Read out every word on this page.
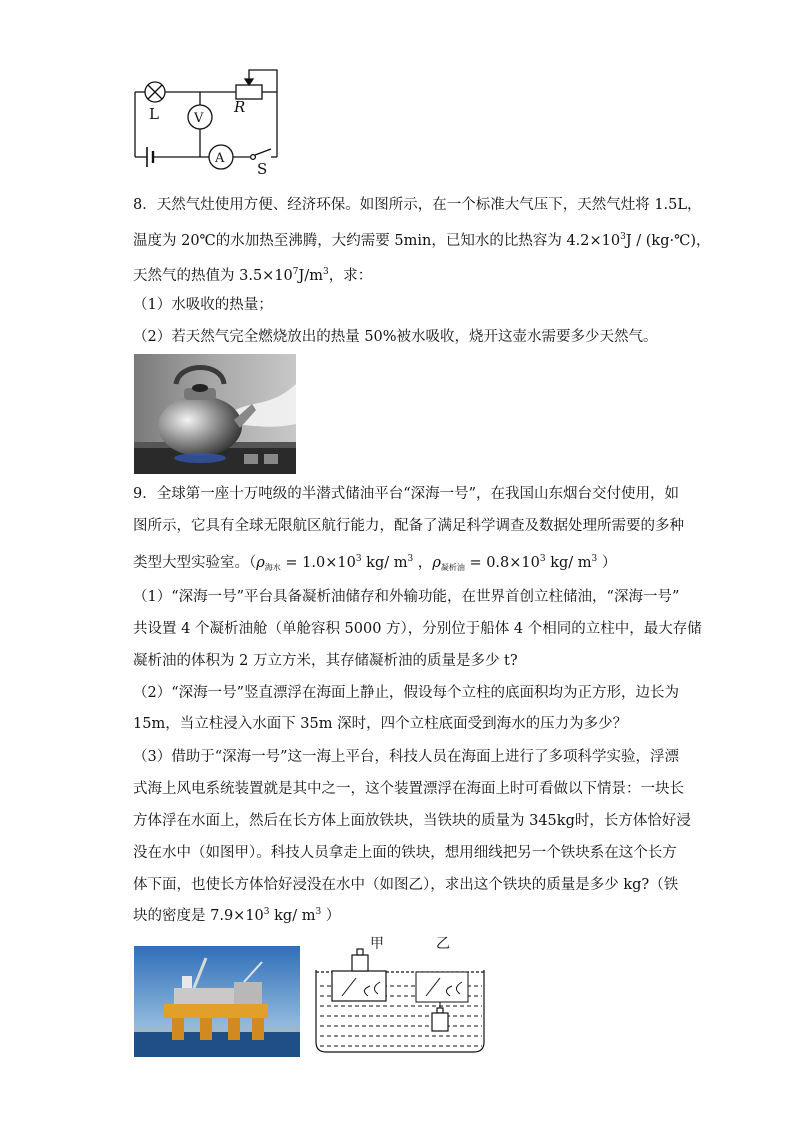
L	V
R
A
S
8．天然气灶使用方便、经济环保。如图所示，在一个标准大气压下，天然气灶将 1.5L，
温度为 20℃的水加热至沸腾，大约需要 5min，已知水的比热容为 $4.2\times 10^3J$ / (kg·℃)，
天然气的热值为 $3.5\times 10^7J/m^3$，求：
（1）水吸收的热量；
（2）若天然气完全燃烧放出的热量 50%被水吸收，烧开这壶水需要多少天然气。
9．全球第一座十万吨级的半潜式储油平台“深海一号”，在我国山东烟台交付使用，如
图所示，它具有全球无限航区航行能力，配备了满足科学调查及数据处理所需要的多种
类型大型实验室。（$\rho_{海水} = 1.0\times 10^3$ kg/ $m^3$ ，$\rho_{凝析油} = 0.8\times 10^3$ kg/ $m^3$ ）
（1）“深海一号”平台具备凝析油储存和外输功能，在世界首创立柱储油，“深海一号”
共设置 4 个凝析油舱（单舱容积 5000 方），分别位于船体 4 个相同的立柱中，最大存储
凝析油的体积为 2 万立方米，其存储凝析油的质量是多少 t?
（2）“深海一号”竖直漂浮在海面上静止，假设每个立柱的底面积均为正方形，边长为
15m，当立柱浸入水面下 35m 深时，四个立柱底面受到海水的压力为多少？
（3）借助于“深海一号”这一海上平台，科技人员在海面上进行了多项科学实验，浮漂
式海上风电系统装置就是其中之一，这个装置漂浮在海面上时可看做以下情景：一块长
方体浮在水面上，然后在长方体上面放铁块，当铁块的质量为 345kg时，长方体恰好浸
没在水中（如图甲）。科技人员拿走上面的铁块，想用细线把另一个铁块系在这个长方
体下面，也使长方体恰好浸没在水中（如图乙），求出这个铁块的质量是多少 kg?（铁
块的密度是 $7.9\times 10^3$ kg/ $m^3$ ）
甲	乙
